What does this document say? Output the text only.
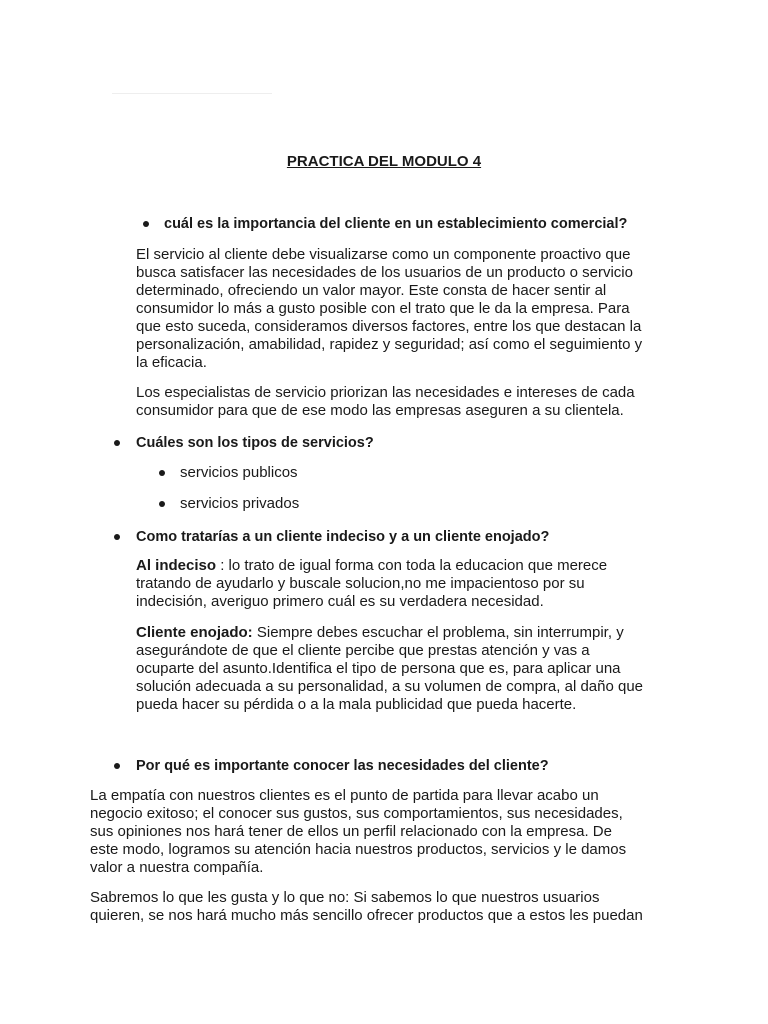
PRACTICA DEL MODULO 4
cuál es la importancia del cliente en un establecimiento comercial?
El servicio al cliente debe visualizarse como un componente proactivo que
busca satisfacer las necesidades de los usuarios de un producto o servicio
determinado, ofreciendo un valor mayor. Este consta de hacer sentir al
consumidor lo más a gusto posible con el trato que le da la empresa. Para
que esto suceda, consideramos diversos factores, entre los que destacan la
personalización, amabilidad, rapidez y seguridad; así como el seguimiento y
la eficacia.
Los especialistas de servicio priorizan las necesidades e intereses de cada
consumidor para que de ese modo las empresas aseguren a su clientela.
Cuáles son los tipos de servicios?
servicios publicos
servicios privados
Como tratarías a un cliente indeciso y a un cliente enojado?
Al indeciso : lo trato de igual forma con toda la educacion que merece
tratando de ayudarlo y buscale solucion,no me impacientoso por su
indecisión, averiguo primero cuál es su verdadera necesidad.
Cliente enojado: Siempre debes escuchar el problema, sin interrumpir, y
asegurándote de que el cliente percibe que prestas atención y vas a
ocuparte del asunto.Identifica el tipo de persona que es, para aplicar una
solución adecuada a su personalidad, a su volumen de compra, al daño que
pueda hacer su pérdida o a la mala publicidad que pueda hacerte.
Por qué es importante conocer las necesidades del cliente?
La empatía con nuestros clientes es el punto de partida para llevar acabo un
negocio exitoso; el conocer sus gustos, sus comportamientos, sus necesidades,
sus opiniones nos hará tener de ellos un perfil relacionado con la empresa. De
este modo, logramos su atención hacia nuestros productos, servicios y le damos
valor a nuestra compañía.
Sabremos lo que les gusta y lo que no: Si sabemos lo que nuestros usuarios
quieren, se nos hará mucho más sencillo ofrecer productos que a estos les puedan
